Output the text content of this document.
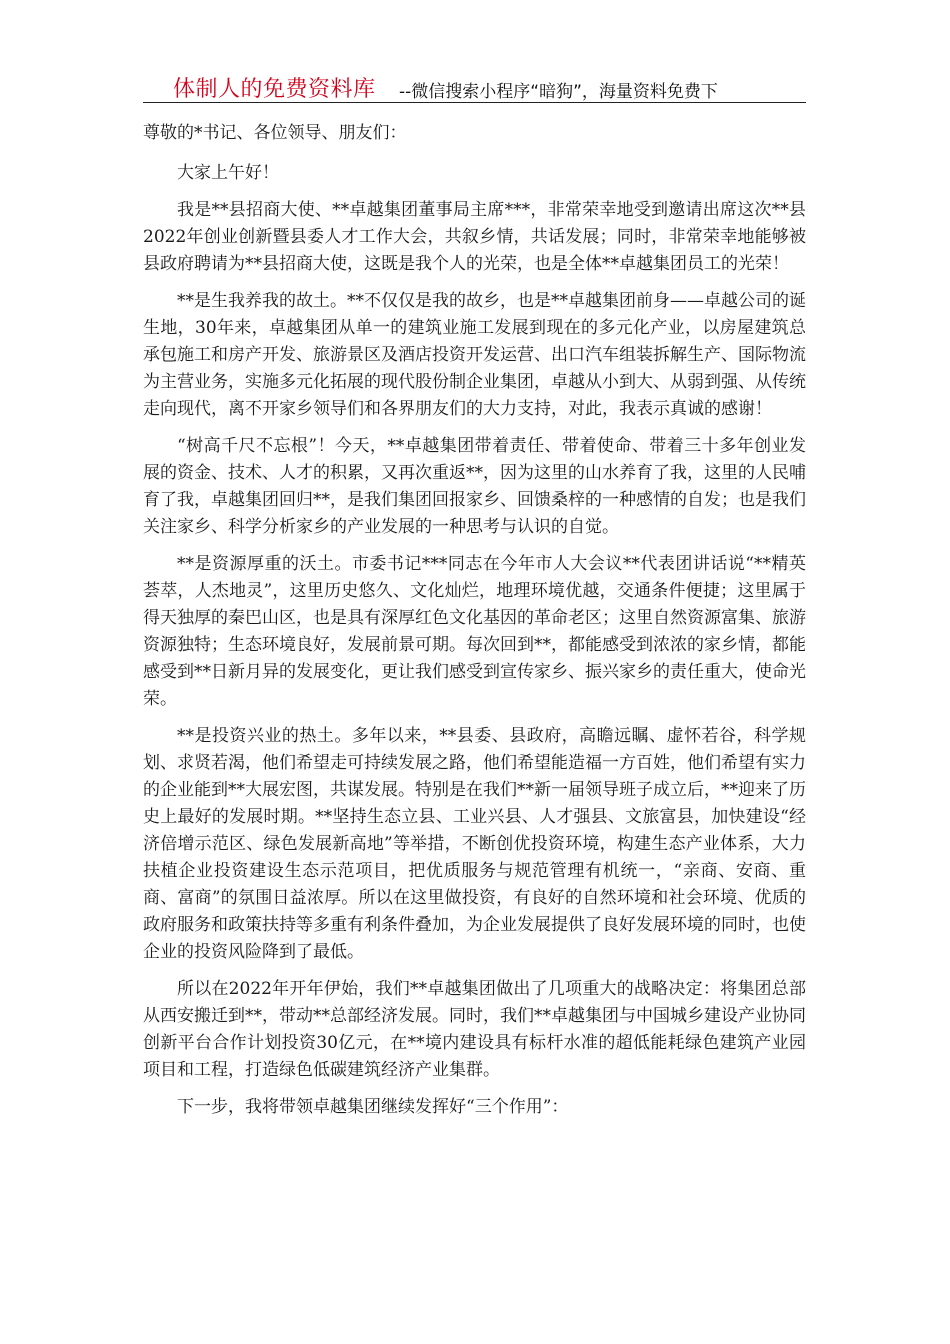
体制人的免费资料库 --微信搜索小程序“暗狗”，海量资料免费下

尊敬的*书记、各位领导、朋友们：

大家上午好！

我是**县招商大使、**卓越集团董事局主席***，非常荣幸地受到邀请出席这次**县2022年创业创新暨县委人才工作大会，共叙乡情，共话发展；同时，非常荣幸地能够被县政府聘请为**县招商大使，这既是我个人的光荣，也是全体**卓越集团员工的光荣！

**是生我养我的故土。**不仅仅是我的故乡，也是**卓越集团前身——卓越公司的诞生地，30年来，卓越集团从单一的建筑业施工发展到现在的多元化产业，以房屋建筑总承包施工和房产开发、旅游景区及酒店投资开发运营、出口汽车组装拆解生产、国际物流为主营业务，实施多元化拓展的现代股份制企业集团，卓越从小到大、从弱到强、从传统走向现代，离不开家乡领导们和各界朋友们的大力支持，对此，我表示真诚的感谢！

“树高千尺不忘根”！今天，**卓越集团带着责任、带着使命、带着三十多年创业发展的资金、技术、人才的积累，又再次重返**，因为这里的山水养育了我，这里的人民哺育了我，卓越集团回归**，是我们集团回报家乡、回馈桑梓的一种感情的自发；也是我们关注家乡、科学分析家乡的产业发展的一种思考与认识的自觉。

**是资源厚重的沃土。市委书记***同志在今年市人大会议**代表团讲话说“**精英荟萃，人杰地灵”，这里历史悠久、文化灿烂，地理环境优越，交通条件便捷；这里属于得天独厚的秦巴山区，也是具有深厚红色文化基因的革命老区；这里自然资源富集、旅游资源独特；生态环境良好，发展前景可期。每次回到**，都能感受到浓浓的家乡情，都能感受到**日新月异的发展变化，更让我们感受到宣传家乡、振兴家乡的责任重大，使命光荣。

**是投资兴业的热土。多年以来，**县委、县政府，高瞻远瞩、虚怀若谷，科学规划、求贤若渴，他们希望走可持续发展之路，他们希望能造福一方百姓，他们希望有实力的企业能到**大展宏图，共谋发展。特别是在我们**新一届领导班子成立后，**迎来了历史上最好的发展时期。**坚持生态立县、工业兴县、人才强县、文旅富县，加快建设“经济倍增示范区、绿色发展新高地”等举措，不断创优投资环境，构建生态产业体系，大力扶植企业投资建设生态示范项目，把优质服务与规范管理有机统一，“亲商、安商、重商、富商”的氛围日益浓厚。所以在这里做投资，有良好的自然环境和社会环境、优质的政府服务和政策扶持等多重有利条件叠加，为企业发展提供了良好发展环境的同时，也使企业的投资风险降到了最低。

所以在2022年开年伊始，我们**卓越集团做出了几项重大的战略决定：将集团总部从西安搬迁到**，带动**总部经济发展。同时，我们**卓越集团与中国城乡建设产业协同创新平台合作计划投资30亿元，在**境内建设具有标杆水准的超低能耗绿色建筑产业园项目和工程，打造绿色低碳建筑经济产业集群。

下一步，我将带领卓越集团继续发挥好“三个作用”：
